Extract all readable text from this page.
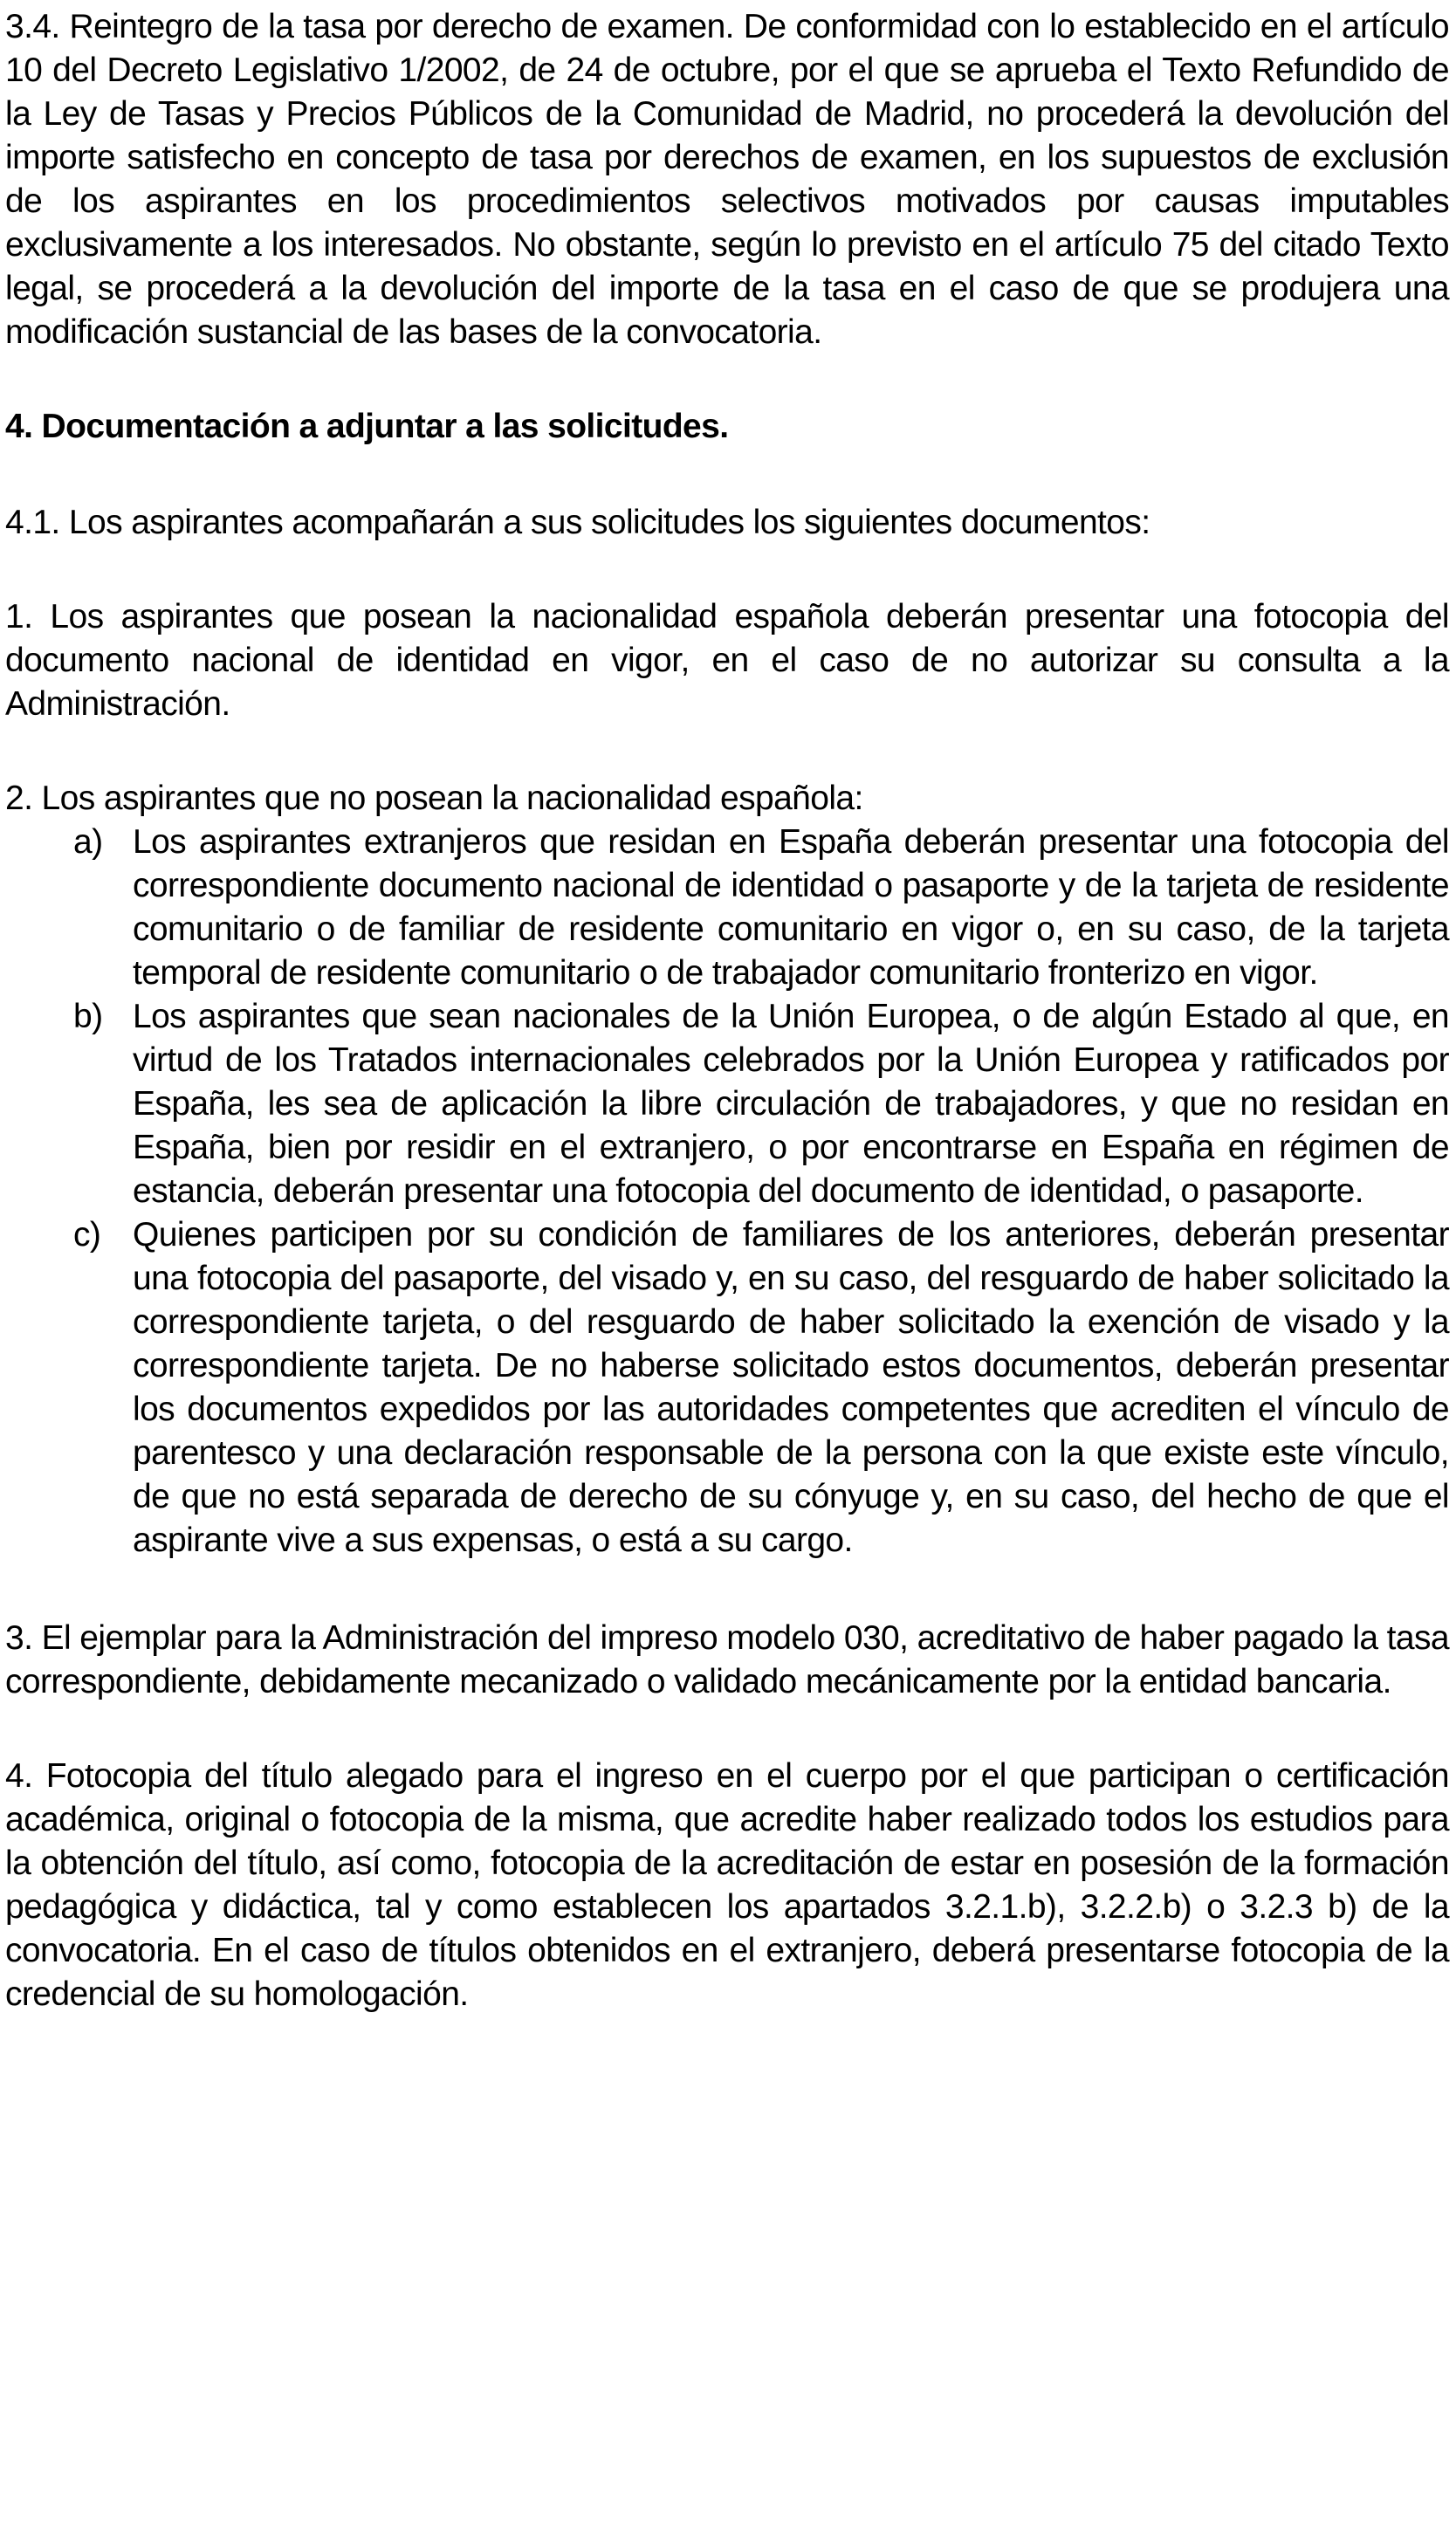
3.4. Reintegro de la tasa por derecho de examen. De conformidad con lo establecido en el artículo 10 del Decreto Legislativo 1/2002, de 24 de octubre, por el que se aprueba el Texto Refundido de la Ley de Tasas y Precios Públicos de la Comunidad de Madrid, no procederá la devolución del importe satisfecho en concepto de tasa por derechos de examen, en los supuestos de exclusión de los aspirantes en los procedimientos selectivos motivados por causas imputables exclusivamente a los interesados. No obstante, según lo previsto en el artículo 75 del citado Texto legal, se procederá a la devolución del importe de la tasa en el caso de que se produjera una modificación sustancial de las bases de la convocatoria.

4. Documentación a adjuntar a las solicitudes.

4.1. Los aspirantes acompañarán a sus solicitudes los siguientes documentos:

1. Los aspirantes que posean la nacionalidad española deberán presentar una fotocopia del documento nacional de identidad en vigor, en el caso de no autorizar su consulta a la Administración.

2. Los aspirantes que no posean la nacionalidad española:

a) Los aspirantes extranjeros que residan en España deberán presentar una fotocopia del correspondiente documento nacional de identidad o pasaporte y de la tarjeta de residente comunitario o de familiar de residente comunitario en vigor o, en su caso, de la tarjeta temporal de residente comunitario o de trabajador comunitario fronterizo en vigor.

b) Los aspirantes que sean nacionales de la Unión Europea, o de algún Estado al que, en virtud de los Tratados internacionales celebrados por la Unión Europea y ratificados por España, les sea de aplicación la libre circulación de trabajadores, y que no residan en España, bien por residir en el extranjero, o por encontrarse en España en régimen de estancia, deberán presentar una fotocopia del documento de identidad, o pasaporte.

c) Quienes participen por su condición de familiares de los anteriores, deberán presentar una fotocopia del pasaporte, del visado y, en su caso, del resguardo de haber solicitado la correspondiente tarjeta, o del resguardo de haber solicitado la exención de visado y la correspondiente tarjeta. De no haberse solicitado estos documentos, deberán presentar los documentos expedidos por las autoridades competentes que acrediten el vínculo de parentesco y una declaración responsable de la persona con la que existe este vínculo, de que no está separada de derecho de su cónyuge y, en su caso, del hecho de que el aspirante vive a sus expensas, o está a su cargo.

3. El ejemplar para la Administración del impreso modelo 030, acreditativo de haber pagado la tasa correspondiente, debidamente mecanizado o validado mecánicamente por la entidad bancaria.

4. Fotocopia del título alegado para el ingreso en el cuerpo por el que participan o certificación académica, original o fotocopia de la misma, que acredite haber realizado todos los estudios para la obtención del título, así como, fotocopia de la acreditación de estar en posesión de la formación pedagógica y didáctica, tal y como establecen los apartados 3.2.1.b), 3.2.2.b) o 3.2.3 b) de la convocatoria. En el caso de títulos obtenidos en el extranjero, deberá presentarse fotocopia de la credencial de su homologación.
